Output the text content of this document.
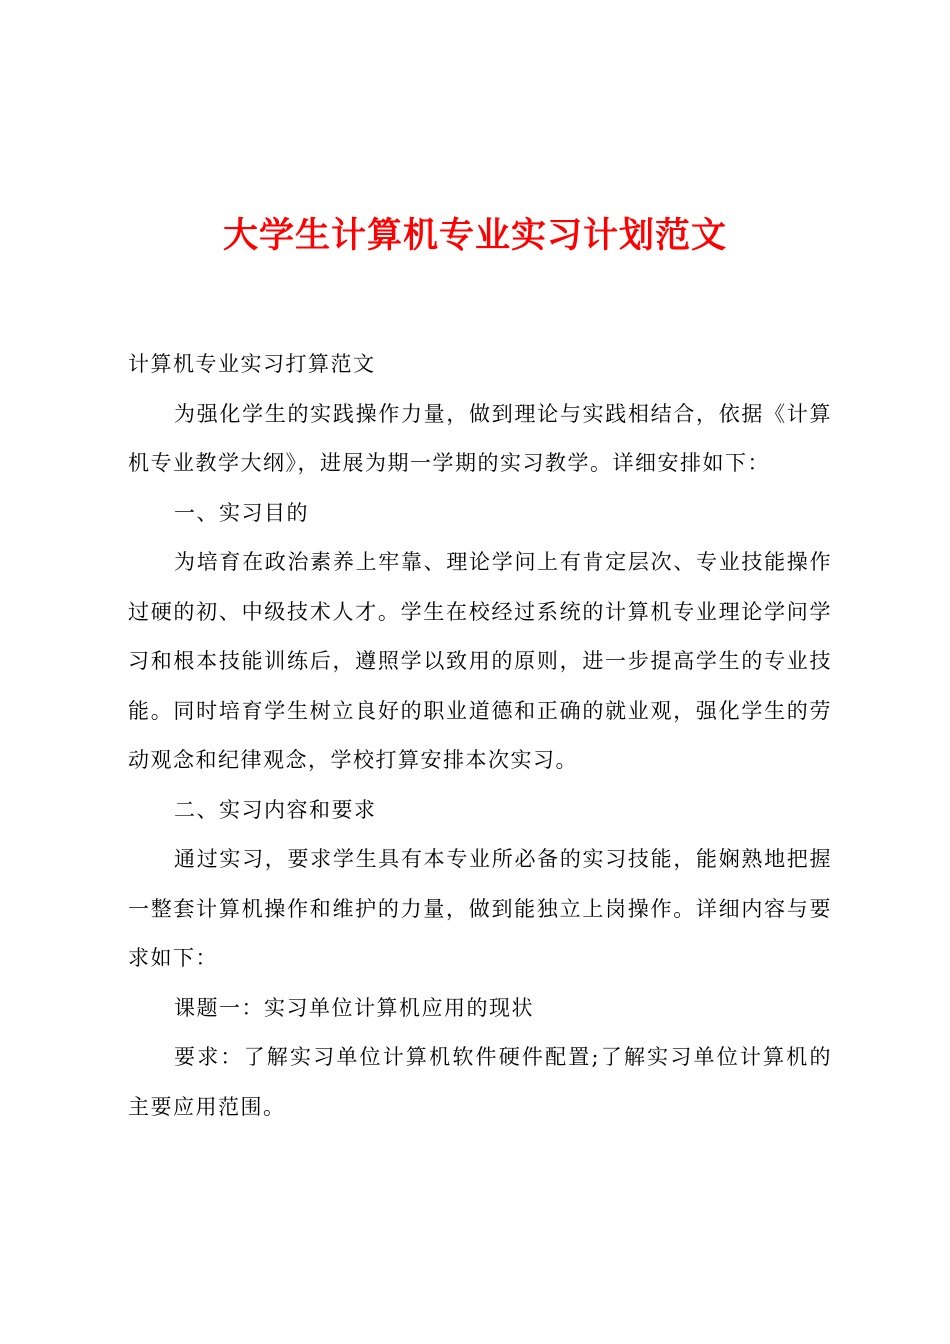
大学生计算机专业实习计划范文

计算机专业实习打算范文

为强化学生的实践操作力量，做到理论与实践相结合，依据《计算机专业教学大纲》，进展为期一学期的实习教学。详细安排如下：

一、实习目的

为培育在政治素养上牢靠、理论学问上有肯定层次、专业技能操作过硬的初、中级技术人才。学生在校经过系统的计算机专业理论学问学习和根本技能训练后，遵照学以致用的原则，进一步提高学生的专业技能。同时培育学生树立良好的职业道德和正确的就业观，强化学生的劳动观念和纪律观念，学校打算安排本次实习。

二、实习内容和要求

通过实习，要求学生具有本专业所必备的实习技能，能娴熟地把握一整套计算机操作和维护的力量，做到能独立上岗操作。详细内容与要求如下：

课题一：实习单位计算机应用的现状

要求：了解实习单位计算机软件硬件配置;了解实习单位计算机的主要应用范围。
